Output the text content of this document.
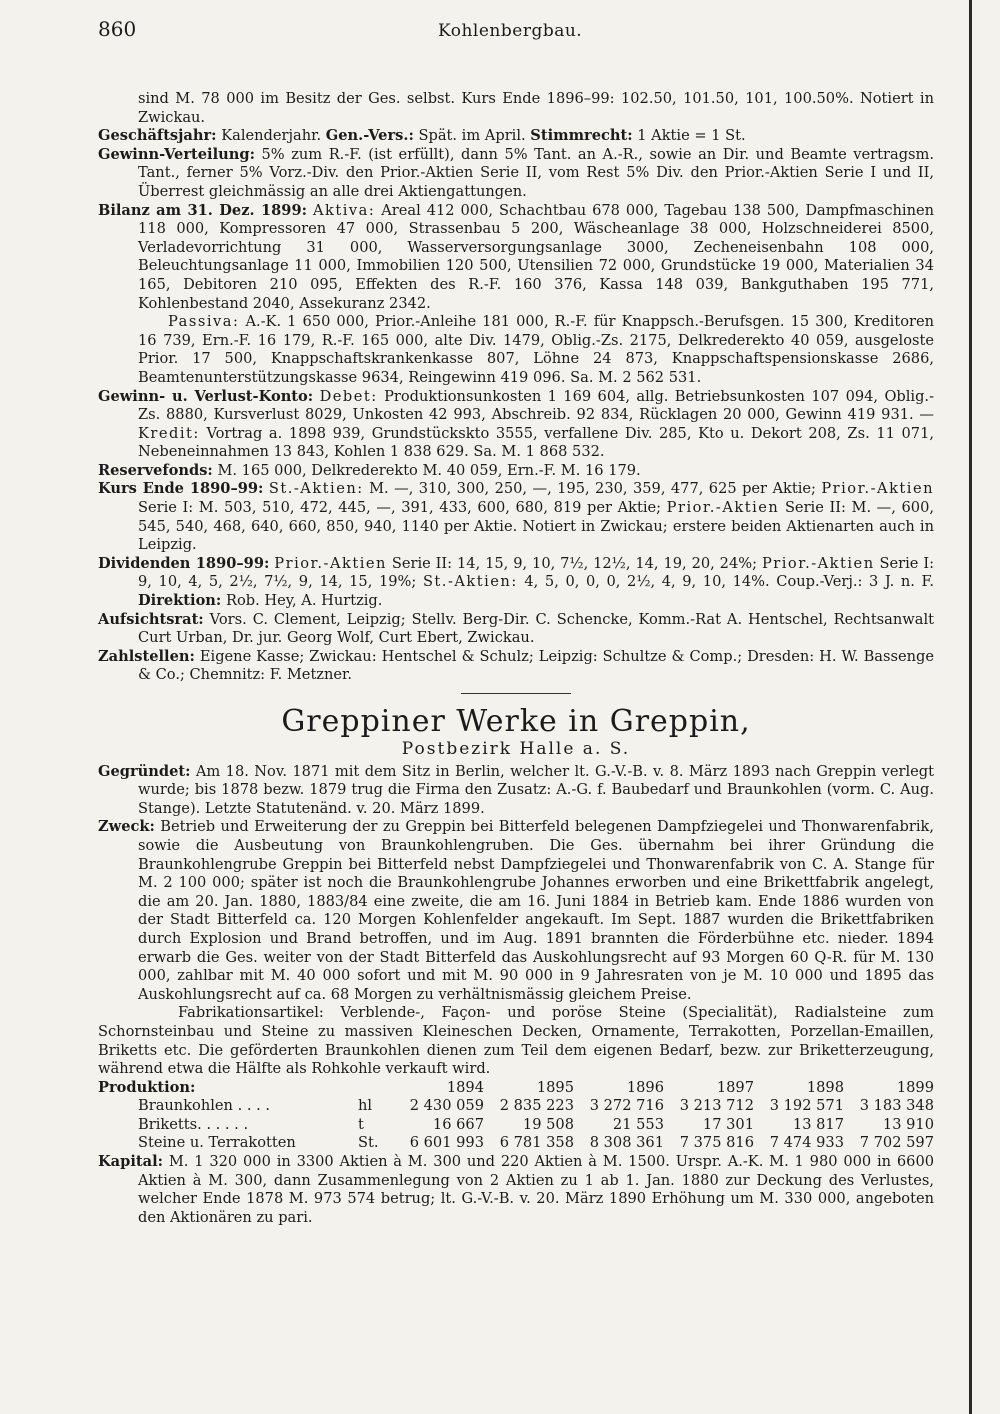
860	Kohlenbergbau.

sind M. 78 000 im Besitz der Ges. selbst. Kurs Ende 1896–99: 102.50, 101.50, 101, 100.50%. Notiert in Zwickau.

Geschäftsjahr: Kalenderjahr. Gen.-Vers.: Spät. im April. Stimmrecht: 1 Aktie = 1 St.

Gewinn-Verteilung: 5% zum R.-F. (ist erfüllt), dann 5% Tant. an A.-R., sowie an Dir. und Beamte vertragsm. Tant., ferner 5% Vorz.-Div. den Prior.-Aktien Serie II, vom Rest 5% Div. den Prior.-Aktien Serie I und II, Überrest gleichmässig an alle drei Aktiengattungen.

Bilanz am 31. Dez. 1899: Aktiva: Areal 412 000, Schachtbau 678 000, Tagebau 138 500, Dampfmaschinen 118 000, Kompressoren 47 000, Strassenbau 5 200, Wäscheanlage 38 000, Holzschneiderei 8500, Verladevorrichtung 31 000, Wasserversorgungsanlage 3000, Zecheneisenbahn 108 000, Beleuchtungsanlage 11 000, Immobilien 120 500, Utensilien 72 000, Grundstücke 19 000, Materialien 34 165, Debitoren 210 095, Effekten des R.-F. 160 376, Kassa 148 039, Bankguthaben 195 771, Kohlenbestand 2040, Assekuranz 2342.

Passiva: A.-K. 1 650 000, Prior.-Anleihe 181 000, R.-F. für Knappsch.-Berufsgen. 15 300, Kreditoren 16 739, Ern.-F. 16 179, R.-F. 165 000, alte Div. 1479, Oblig.-Zs. 2175, Delkrederekto 40 059, ausgeloste Prior. 17 500, Knappschaftskrankenkasse 807, Löhne 24 873, Knappschaftspensionskasse 2686, Beamtenunterstützungskasse 9634, Reingewinn 419 096. Sa. M. 2 562 531.

Gewinn- u. Verlust-Konto: Debet: Produktionsunkosten 1 169 604, allg. Betriebsunkosten 107 094, Oblig.-Zs. 8880, Kursverlust 8029, Unkosten 42 993, Abschreib. 92 834, Rücklagen 20 000, Gewinn 419 931. — Kredit: Vortrag a. 1898 939, Grundstückskto 3555, verfallene Div. 285, Kto u. Dekort 208, Zs. 11 071, Nebeneinnahmen 13 843, Kohlen 1 838 629. Sa. M. 1 868 532.

Reservefonds: M. 165 000, Delkrederekto M. 40 059, Ern.-F. M. 16 179.

Kurs Ende 1890–99: St.-Aktien: M. —, 310, 300, 250, —, 195, 230, 359, 477, 625 per Aktie; Prior.-Aktien Serie I: M. 503, 510, 472, 445, —, 391, 433, 600, 680, 819 per Aktie; Prior.-Aktien Serie II: M. —, 600, 545, 540, 468, 640, 660, 850, 940, 1140 per Aktie. Notiert in Zwickau; erstere beiden Aktienarten auch in Leipzig.

Dividenden 1890–99: Prior.-Aktien Serie II: 14, 15, 9, 10, 7½, 12½, 14, 19, 20, 24%; Prior.-Aktien Serie I: 9, 10, 4, 5, 2½, 7½, 9, 14, 15, 19%; St.-Aktien: 4, 5, 0, 0, 0, 2½, 4, 9, 10, 14%. Coup.-Verj.: 3 J. n. F. Direktion: Rob. Hey, A. Hurtzig.

Aufsichtsrat: Vors. C. Clement, Leipzig; Stellv. Berg-Dir. C. Schencke, Komm.-Rat A. Hentschel, Rechtsanwalt Curt Urban, Dr. jur. Georg Wolf, Curt Ebert, Zwickau.

Zahlstellen: Eigene Kasse; Zwickau: Hentschel & Schulz; Leipzig: Schultze & Comp.; Dresden: H. W. Bassenge & Co.; Chemnitz: F. Metzner.

Greppiner Werke in Greppin,
Postbezirk Halle a. S.

Gegründet: Am 18. Nov. 1871 mit dem Sitz in Berlin, welcher lt. G.-V.-B. v. 8. März 1893 nach Greppin verlegt wurde; bis 1878 bezw. 1879 trug die Firma den Zusatz: A.-G. f. Baubedarf und Braunkohlen (vorm. C. Aug. Stange). Letzte Statutenänd. v. 20. März 1899.

Zweck: Betrieb und Erweiterung der zu Greppin bei Bitterfeld belegenen Dampfziegelei und Thonwarenfabrik, sowie die Ausbeutung von Braunkohlengruben. Die Ges. übernahm bei ihrer Gründung die Braunkohlengrube Greppin bei Bitterfeld nebst Dampfziegelei und Thonwarenfabrik von C. A. Stange für M. 2 100 000; später ist noch die Braunkohlengrube Johannes erworben und eine Brikettfabrik angelegt, die am 20. Jan. 1880, 1883/84 eine zweite, die am 16. Juni 1884 in Betrieb kam. Ende 1886 wurden von der Stadt Bitterfeld ca. 120 Morgen Kohlenfelder angekauft. Im Sept. 1887 wurden die Brikettfabriken durch Explosion und Brand betroffen, und im Aug. 1891 brannten die Förderbühne etc. nieder. 1894 erwarb die Ges. weiter von der Stadt Bitterfeld das Auskohlungsrecht auf 93 Morgen 60 Q-R. für M. 130 000, zahlbar mit M. 40 000 sofort und mit M. 90 000 in 9 Jahresraten von je M. 10 000 und 1895 das Auskohlungsrecht auf ca. 68 Morgen zu verhältnismässig gleichem Preise.

Fabrikationsartikel: Verblende-, Façon- und poröse Steine (Specialität), Radialsteine zum Schornsteinbau und Steine zu massiven Kleineschen Decken, Ornamente, Terrakotten, Porzellan-Emaillen, Briketts etc. Die geförderten Braunkohlen dienen zum Teil dem eigenen Bedarf, bezw. zur Briketterzeugung, während etwa die Hälfte als Rohkohle verkauft wird.

Produktion:		1894	1895	1896	1897	1898	1899
Braunkohlen . . . .	hl	2 430 059	2 835 223	3 272 716	3 213 712	3 192 571	3 183 348
Briketts. . . . . .	t	16 667	19 508	21 553	17 301	13 817	13 910
Steine u. Terrakotten	St.	6 601 993	6 781 358	8 308 361	7 375 816	7 474 933	7 702 597

Kapital: M. 1 320 000 in 3300 Aktien à M. 300 und 220 Aktien à M. 1500. Urspr. A.-K. M. 1 980 000 in 6600 Aktien à M. 300, dann Zusammenlegung von 2 Aktien zu 1 ab 1. Jan. 1880 zur Deckung des Verlustes, welcher Ende 1878 M. 973 574 betrug; lt. G.-V.-B. v. 20. März 1890 Erhöhung um M. 330 000, angeboten den Aktionären zu pari.
